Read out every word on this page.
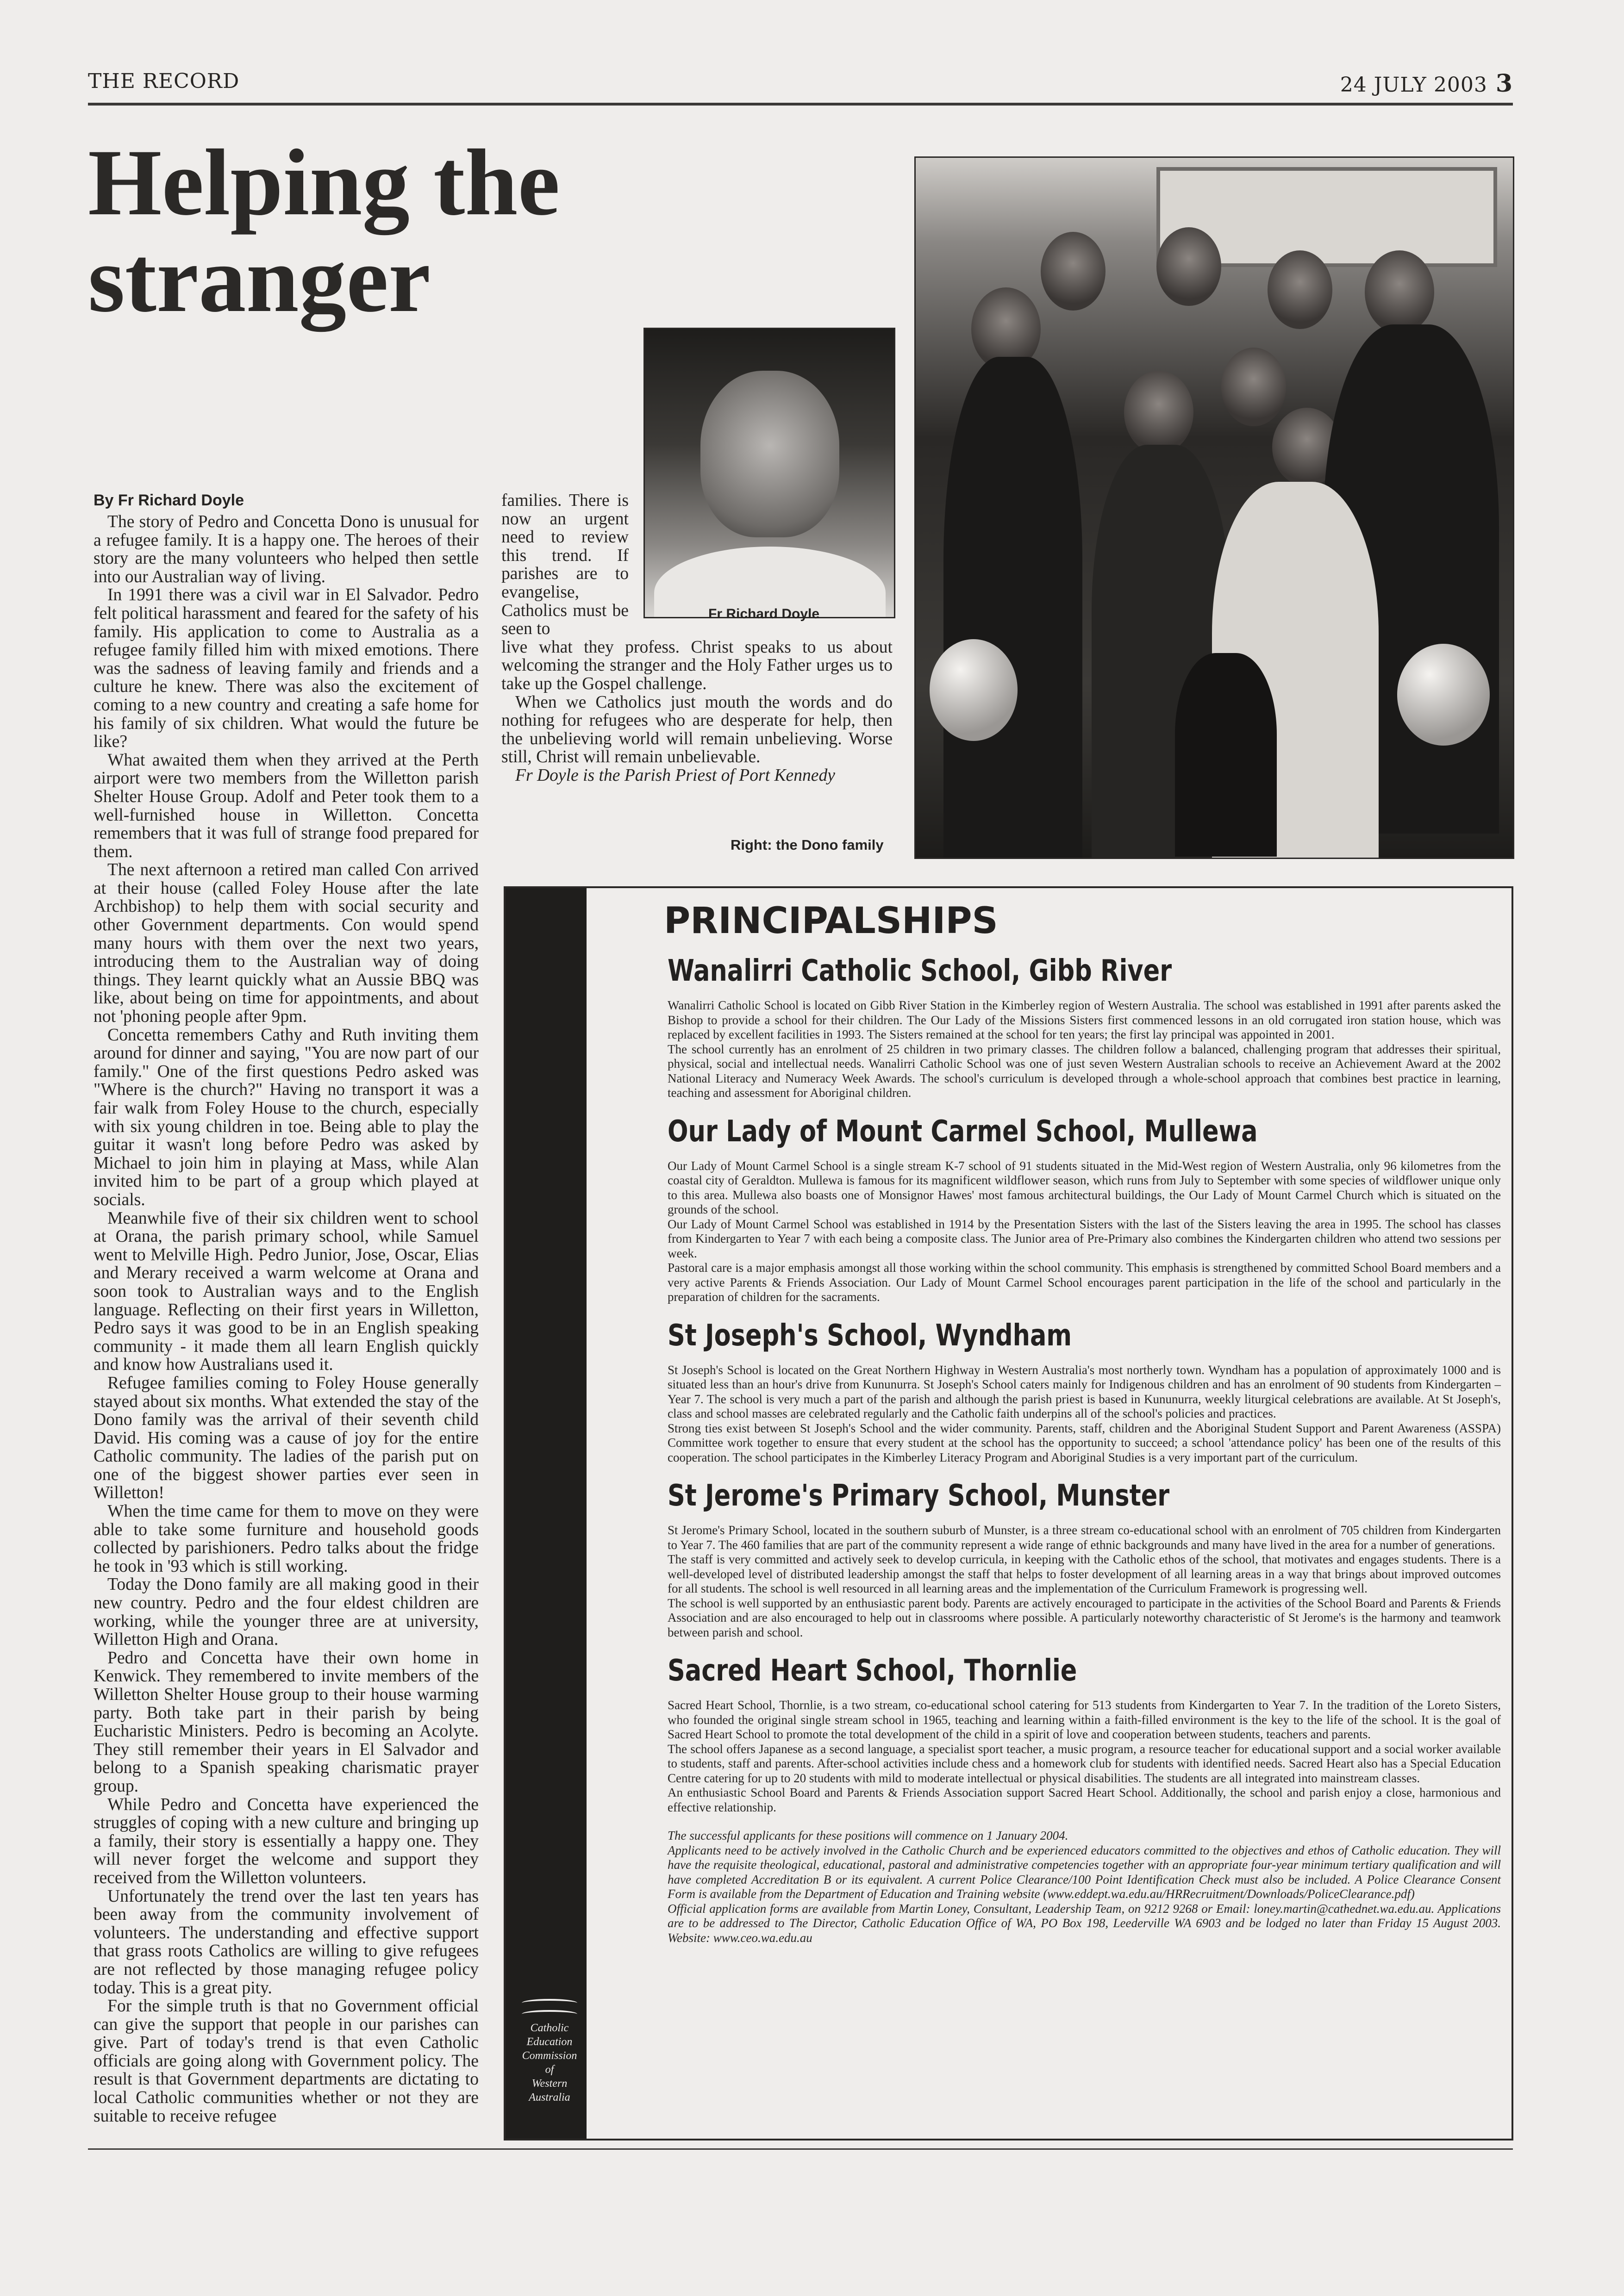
THE RECORD	24 JULY 2003 3
Helping the stranger
By Fr Richard Doyle

The story of Pedro and Concetta Dono is unusual for a refugee family. It is a happy one. The heroes of their story are the many volunteers who helped then settle into our Australian way of living.

In 1991 there was a civil war in El Salvador. Pedro felt political harassment and feared for the safety of his family. His application to come to Australia as a refugee family filled him with mixed emotions. There was the sadness of leaving family and friends and a culture he knew. There was also the excitement of coming to a new country and creating a safe home for his family of six children. What would the future be like?

What awaited them when they arrived at the Perth airport were two members from the Willetton parish Shelter House Group. Adolf and Peter took them to a well-furnished house in Willetton. Concetta remembers that it was full of strange food prepared for them.

The next afternoon a retired man called Con arrived at their house (called Foley House after the late Archbishop) to help them with social security and other Government departments. Con would spend many hours with them over the next two years, introducing them to the Australian way of doing things. They learnt quickly what an Aussie BBQ was like, about being on time for appointments, and about not 'phoning people after 9pm.

Concetta remembers Cathy and Ruth inviting them around for dinner and saying, "You are now part of our family." One of the first questions Pedro asked was "Where is the church?" Having no transport it was a fair walk from Foley House to the church, especially with six young children in toe. Being able to play the guitar it wasn't long before Pedro was asked by Michael to join him in playing at Mass, while Alan invited him to be part of a group which played at socials.

Meanwhile five of their six children went to school at Orana, the parish primary school, while Samuel went to Melville High. Pedro Junior, Jose, Oscar, Elias and Merary received a warm welcome at Orana and soon took to Australian ways and to the English language. Reflecting on their first years in Willetton, Pedro says it was good to be in an English speaking community - it made them all learn English quickly and know how Australians used it.

Refugee families coming to Foley House generally stayed about six months. What extended the stay of the Dono family was the arrival of their seventh child David. His coming was a cause of joy for the entire Catholic community. The ladies of the parish put on one of the biggest shower parties ever seen in Willetton!

When the time came for them to move on they were able to take some furniture and household goods collected by parishioners. Pedro talks about the fridge he took in '93 which is still working.

Today the Dono family are all making good in their new country. Pedro and the four eldest children are working, while the younger three are at university, Willetton High and Orana.

Pedro and Concetta have their own home in Kenwick. They remembered to invite members of the Willetton Shelter House group to their house warming party. Both take part in their parish by being Eucharistic Ministers. Pedro is becoming an Acolyte. They still remember their years in El Salvador and belong to a Spanish speaking charismatic prayer group.

While Pedro and Concetta have experienced the struggles of coping with a new culture and bringing up a family, their story is essentially a happy one. They will never forget the welcome and support they received from the Willetton volunteers.

Unfortunately the trend over the last ten years has been away from the community involvement of volunteers. The understanding and effective support that grass roots Catholics are willing to give refugees are not reflected by those managing refugee policy today. This is a great pity.

For the simple truth is that no Government official can give the support that people in our parishes can give. Part of today's trend is that even Catholic officials are going along with Government policy. The result is that Government departments are dictating to local Catholic communities whether or not they are suitable to receive refugee

families. There is now an urgent need to review this trend. If parishes are to evangelise, Catholics must be seen to

live what they profess. Christ speaks to us about welcoming the stranger and the Holy Father urges us to take up the Gospel challenge.

When we Catholics just mouth the words and do nothing for refugees who are desperate for help, then the unbelieving world will remain unbelieving. Worse still, Christ will remain unbelievable.

Fr Doyle is the Parish Priest of Port Kennedy

Fr Richard Doyle
Right: the Dono family
Catholic
Education
Commission
of
Western
Australia
PRINCIPALSHIPS
Wanalirri Catholic School, Gibb River

Wanalirri Catholic School is located on Gibb River Station in the Kimberley region of Western Australia. The school was established in 1991 after parents asked the Bishop to provide a school for their children. The Our Lady of the Missions Sisters first commenced lessons in an old corrugated iron station house, which was replaced by excellent facilities in 1993. The Sisters remained at the school for ten years; the first lay principal was appointed in 2001.

The school currently has an enrolment of 25 children in two primary classes. The children follow a balanced, challenging program that addresses their spiritual, physical, social and intellectual needs. Wanalirri Catholic School was one of just seven Western Australian schools to receive an Achievement Award at the 2002 National Literacy and Numeracy Week Awards. The school's curriculum is developed through a whole-school approach that combines best practice in learning, teaching and assessment for Aboriginal children.

Our Lady of Mount Carmel School, Mullewa

Our Lady of Mount Carmel School is a single stream K-7 school of 91 students situated in the Mid-West region of Western Australia, only 96 kilometres from the coastal city of Geraldton. Mullewa is famous for its magnificent wildflower season, which runs from July to September with some species of wildflower unique only to this area. Mullewa also boasts one of Monsignor Hawes' most famous architectural buildings, the Our Lady of Mount Carmel Church which is situated on the grounds of the school.

Our Lady of Mount Carmel School was established in 1914 by the Presentation Sisters with the last of the Sisters leaving the area in 1995. The school has classes from Kindergarten to Year 7 with each being a composite class. The Junior area of Pre-Primary also combines the Kindergarten children who attend two sessions per week.

Pastoral care is a major emphasis amongst all those working within the school community. This emphasis is strengthened by committed School Board members and a very active Parents & Friends Association. Our Lady of Mount Carmel School encourages parent participation in the life of the school and particularly in the preparation of children for the sacraments.

St Joseph's School, Wyndham

St Joseph's School is located on the Great Northern Highway in Western Australia's most northerly town. Wyndham has a population of approximately 1000 and is situated less than an hour's drive from Kununurra. St Joseph's School caters mainly for Indigenous children and has an enrolment of 90 students from Kindergarten – Year 7. The school is very much a part of the parish and although the parish priest is based in Kununurra, weekly liturgical celebrations are available. At St Joseph's, class and school masses are celebrated regularly and the Catholic faith underpins all of the school's policies and practices.

Strong ties exist between St Joseph's School and the wider community. Parents, staff, children and the Aboriginal Student Support and Parent Awareness (ASSPA) Committee work together to ensure that every student at the school has the opportunity to succeed; a school 'attendance policy' has been one of the results of this cooperation. The school participates in the Kimberley Literacy Program and Aboriginal Studies is a very important part of the curriculum.

St Jerome's Primary School, Munster

St Jerome's Primary School, located in the southern suburb of Munster, is a three stream co-educational school with an enrolment of 705 children from Kindergarten to Year 7. The 460 families that are part of the community represent a wide range of ethnic backgrounds and many have lived in the area for a number of generations.

The staff is very committed and actively seek to develop curricula, in keeping with the Catholic ethos of the school, that motivates and engages students. There is a well-developed level of distributed leadership amongst the staff that helps to foster development of all learning areas in a way that brings about improved outcomes for all students. The school is well resourced in all learning areas and the implementation of the Curriculum Framework is progressing well.

The school is well supported by an enthusiastic parent body. Parents are actively encouraged to participate in the activities of the School Board and Parents & Friends Association and are also encouraged to help out in classrooms where possible. A particularly noteworthy characteristic of St Jerome's is the harmony and teamwork between parish and school.

Sacred Heart School, Thornlie

Sacred Heart School, Thornlie, is a two stream, co-educational school catering for 513 students from Kindergarten to Year 7. In the tradition of the Loreto Sisters, who founded the original single stream school in 1965, teaching and learning within a faith-filled environment is the key to the life of the school. It is the goal of Sacred Heart School to promote the total development of the child in a spirit of love and cooperation between students, teachers and parents.

The school offers Japanese as a second language, a specialist sport teacher, a music program, a resource teacher for educational support and a social worker available to students, staff and parents. After-school activities include chess and a homework club for students with identified needs. Sacred Heart also has a Special Education Centre catering for up to 20 students with mild to moderate intellectual or physical disabilities. The students are all integrated into mainstream classes.

An enthusiastic School Board and Parents & Friends Association support Sacred Heart School. Additionally, the school and parish enjoy a close, harmonious and effective relationship.

The successful applicants for these positions will commence on 1 January 2004.

Applicants need to be actively involved in the Catholic Church and be experienced educators committed to the objectives and ethos of Catholic education. They will have the requisite theological, educational, pastoral and administrative competencies together with an appropriate four-year minimum tertiary qualification and will have completed Accreditation B or its equivalent. A current Police Clearance/100 Point Identification Check must also be included. A Police Clearance Consent Form is available from the Department of Education and Training website (www.eddept.wa.edu.au/HRRecruitment/Downloads/PoliceClearance.pdf)

Official application forms are available from Martin Loney, Consultant, Leadership Team, on 9212 9268 or Email: loney.martin@cathednet.wa.edu.au. Applications are to be addressed to The Director, Catholic Education Office of WA, PO Box 198, Leederville WA 6903 and be lodged no later than Friday 15 August 2003. Website: www.ceo.wa.edu.au
